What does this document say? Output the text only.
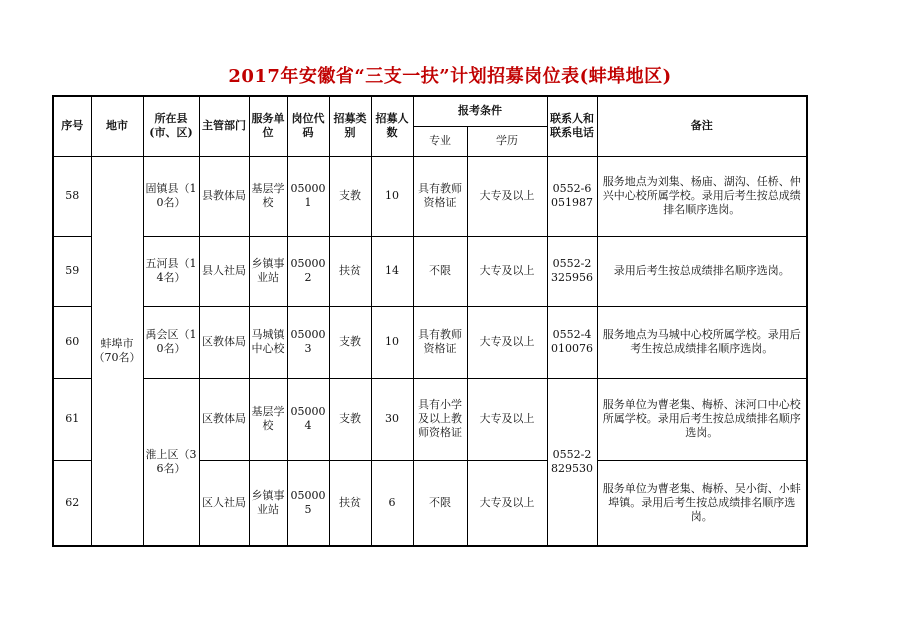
2017年安徽省“三支一扶”计划招募岗位表(蚌埠地区)
序号	地市	所在县(市、区)	主管部门	服务单位	岗位代码	招募类别	招募人数	报考条件		联系人和联系电话	备注
								专业	学历		
58	蚌埠市（70名）	固镇县（10名）	县教体局	基层学校	050001	支教	10	具有教师资格证	大专及以上	0552-6051987	服务地点为刘集、杨庙、湖沟、任桥、仲兴中心校所属学校。录用后考生按总成绩排名顺序选岗。
59		五河县（14名）	县人社局	乡镇事业站	050002	扶贫	14	不限	大专及以上	0552-2325956	录用后考生按总成绩排名顺序选岗。
60		禹会区（10名）	区教体局	马城镇中心校	050003	支教	10	具有教师资格证	大专及以上	0552-4010076	服务地点为马城中心校所属学校。录用后考生按总成绩排名顺序选岗。
61		淮上区（36名）	区教体局	基层学校	050004	支教	30	具有小学及以上教师资格证	大专及以上	0552-2829530	服务单位为曹老集、梅桥、沫河口中心校所属学校。录用后考生按总成绩排名顺序选岗。
62			区人社局	乡镇事业站	050005	扶贫	6	不限	大专及以上		服务单位为曹老集、梅桥、吴小街、小蚌埠镇。录用后考生按总成绩排名顺序选岗。
